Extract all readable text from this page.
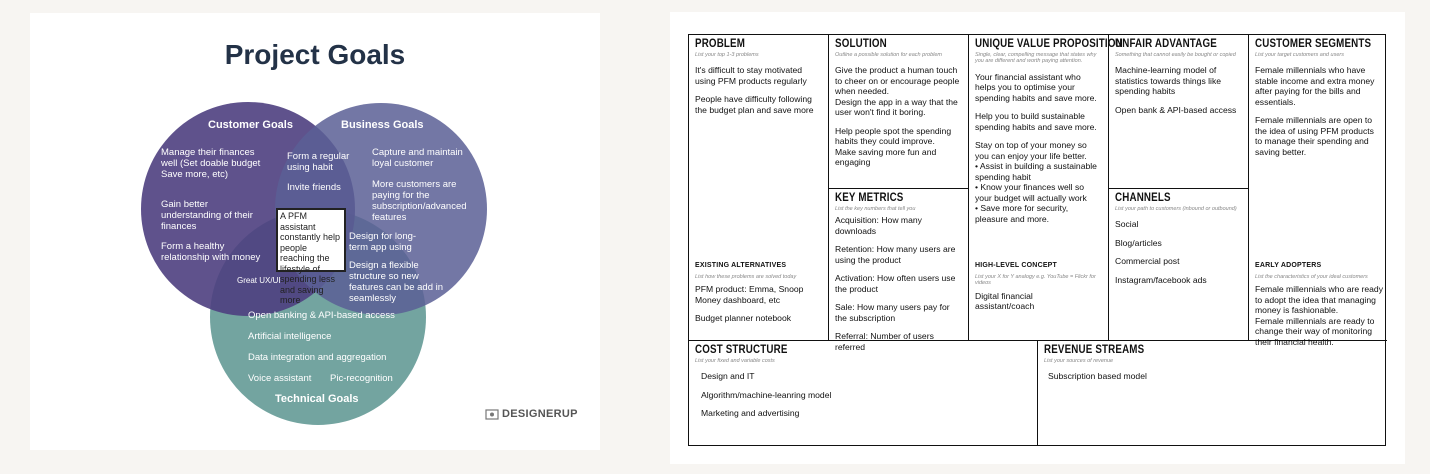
Project Goals
Customer Goals
Manage their finances well (Set doable budget Save more, etc)
Gain better understanding of their finances
Form a healthy relationship with money
Business Goals
Capture and maintain loyal customer
More customers are paying for the subscription/advanced features
Form a regular using habit
Invite friends
A PFM assistant constantly help people reaching the lifestyle of spending less and saving more
Design for long-term app using
Design a flexible structure so new features can be add in seamlessly
Great UX/UI
Open banking & API-based access
Artificial intelligence
Data integration and aggregation
Voice assistant Pic-recognition
Technical Goals
DESIGNERUP
PROBLEM
List your top 1-3 problems
It's difficult to stay motivated using PFM products regularly
People have difficulty following the budget plan and save more
EXISTING ALTERNATIVES
List how these problems are solved today
PFM product: Emma, Snoop Money dashboard, etc
Budget planner notebook
SOLUTION
Outline a possible solution for each problem
Give the product a human touch to cheer on or encourage people when needed.
Design the app in a way that the user won't find it boring.
Help people spot the spending habits they could improve.
Make saving more fun and engaging
KEY METRICS
List the key numbers that tell you
Acquisition: How many downloads
Retention: How many users are using the product
Activation: How often users use the product
Sale: How many users pay for the subscription
Referral: Number of users referred
UNIQUE VALUE PROPOSITION
Single, clear, compelling message that states why you are different and worth paying attention.
Your financial assistant who helps you to optimise your spending habits and save more.
Help you to build sustainable spending habits and save more.
Stay on top of your money so you can enjoy your life better.
• Assist in building a sustainable spending habit
• Know your finances well so your budget will actually work
• Save more for security, pleasure and more.
HIGH-LEVEL CONCEPT
List your X for Y analogy e.g. YouTube = Flickr for videos
Digital financial assistant/coach
UNFAIR ADVANTAGE
Something that cannot easily be bought or copied
Machine-learning model of statistics towards things like spending habits
Open bank & API-based access
CHANNELS
List your path to customers (inbound or outbound)
Social
Blog/articles
Commercial post
Instagram/facebook ads
CUSTOMER SEGMENTS
List your target customers and users
Female millennials who have stable income and extra money after paying for the bills and essentials.
Female millennials are open to the idea of using PFM products to manage their spending and saving better.
EARLY ADOPTERS
List the characteristics of your ideal customers
Female millennials who are ready to adopt the idea that managing money is fashionable.
Female millennials are ready to change their way of monitoring their financial health.
COST STRUCTURE
List your fixed and variable costs
Design and IT
Algorithm/machine-leanring model
Marketing and advertising
REVENUE STREAMS
List your sources of revenue
Subscription based model
